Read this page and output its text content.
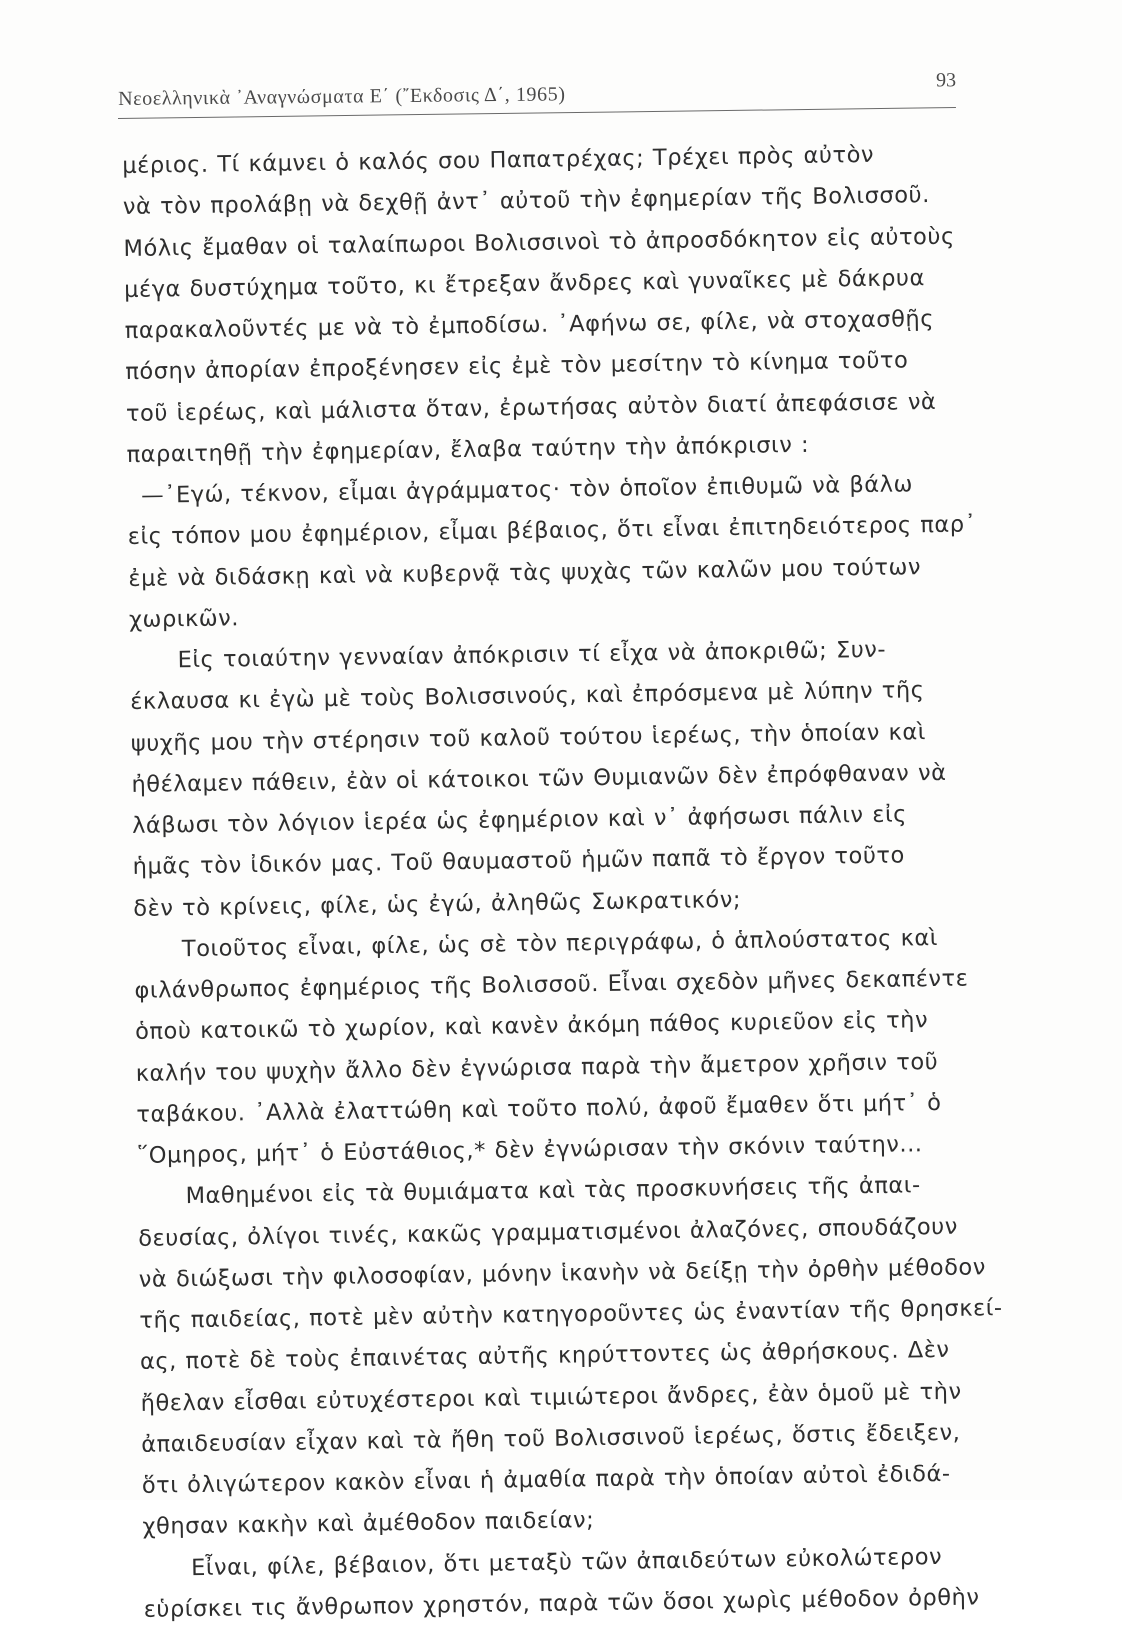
Νεοελληνικὰ ᾿Αναγνώσματα Ε΄ (῎Εκδοσις Δ΄, 1965)
93
μέριος. Τί κάμνει ὁ καλός σου Παπατρέχας; Τρέχει πρὸς αὐτὸν
νὰ τὸν προλάβῃ νὰ δεχθῇ ἀντ᾿ αὐτοῦ τὴν ἐφημερίαν τῆς Βολισσοῦ.
Μόλις ἔμαθαν οἱ ταλαίπωροι Βολισσινοὶ τὸ ἀπροσδόκητον εἰς αὐτοὺς
μέγα δυστύχημα τοῦτο, κι ἔτρεξαν ἄνδρες καὶ γυναῖκες μὲ δάκρυα
παρακαλοῦντές με νὰ τὸ ἐμποδίσω. ᾿Αφήνω σε, φίλε, νὰ στοχασθῇς
πόσην ἀπορίαν ἐπροξένησεν εἰς ἐμὲ τὸν μεσίτην τὸ κίνημα τοῦτο
τοῦ ἱερέως, καὶ μάλιστα ὅταν, ἐρωτήσας αὐτὸν διατί ἀπεφάσισε νὰ
παραιτηθῇ τὴν ἐφημερίαν, ἔλαβα ταύτην τὴν ἀπόκρισιν :
—᾿Εγώ, τέκνον, εἶμαι ἀγράμματος· τὸν ὁποῖον ἐπιθυμῶ νὰ βάλω
εἰς τόπον μου ἐφημέριον, εἶμαι βέβαιος, ὅτι εἶναι ἐπιτηδειότερος παρ᾿
ἐμὲ νὰ διδάσκῃ καὶ νὰ κυβερνᾷ τὰς ψυχὰς τῶν καλῶν μου τούτων
χωρικῶν.
Εἰς τοιαύτην γενναίαν ἀπόκρισιν τί εἶχα νὰ ἀποκριθῶ; Συν-
έκλαυσα κι ἐγὼ μὲ τοὺς Βολισσινούς, καὶ ἐπρόσμενα μὲ λύπην τῆς
ψυχῆς μου τὴν στέρησιν τοῦ καλοῦ τούτου ἱερέως, τὴν ὁποίαν καὶ
ἠθέλαμεν πάθειν, ἐὰν οἱ κάτοικοι τῶν Θυμιανῶν δὲν ἐπρόφθαναν νὰ
λάβωσι τὸν λόγιον ἱερέα ὡς ἐφημέριον καὶ ν᾿ ἀφήσωσι πάλιν εἰς
ἡμᾶς τὸν ἰδικόν μας. Τοῦ θαυμαστοῦ ἡμῶν παπᾶ τὸ ἔργον τοῦτο
δὲν τὸ κρίνεις, φίλε, ὡς ἐγώ, ἀληθῶς Σωκρατικόν;
Τοιοῦτος εἶναι, φίλε, ὡς σὲ τὸν περιγράφω, ὁ ἁπλούστατος καὶ
φιλάνθρωπος ἐφημέριος τῆς Βολισσοῦ. Εἶναι σχεδὸν μῆνες δεκαπέντε
ὁποὺ κατοικῶ τὸ χωρίον, καὶ κανὲν ἀκόμη πάθος κυριεῦον εἰς τὴν
καλήν του ψυχὴν ἄλλο δὲν ἐγνώρισα παρὰ τὴν ἄμετρον χρῆσιν τοῦ
ταβάκου. ᾿Αλλὰ ἐλαττώθη καὶ τοῦτο πολύ, ἀφοῦ ἔμαθεν ὅτι μήτ᾿ ὁ
῞Ομηρος, μήτ᾿ ὁ Εὐστάθιος,* δὲν ἐγνώρισαν τὴν σκόνιν ταύτην...
Μαθημένοι εἰς τὰ θυμιάματα καὶ τὰς προσκυνήσεις τῆς ἀπαι-
δευσίας, ὀλίγοι τινές, κακῶς γραμματισμένοι ἀλαζόνες, σπουδάζουν
νὰ διώξωσι τὴν φιλοσοφίαν, μόνην ἱκανὴν νὰ δείξῃ τὴν ὀρθὴν μέθοδον
τῆς παιδείας, ποτὲ μὲν αὐτὴν κατηγοροῦντες ὡς ἐναντίαν τῆς θρησκεί-
ας, ποτὲ δὲ τοὺς ἐπαινέτας αὐτῆς κηρύττοντες ὡς ἀθρήσκους. Δὲν
ἤθελαν εἶσθαι εὐτυχέστεροι καὶ τιμιώτεροι ἄνδρες, ἐὰν ὁμοῦ μὲ τὴν
ἀπαιδευσίαν εἶχαν καὶ τὰ ἤθη τοῦ Βολισσινοῦ ἱερέως, ὅστις ἔδειξεν,
ὅτι ὀλιγώτερον κακὸν εἶναι ἡ ἀμαθία παρὰ τὴν ὁποίαν αὐτοὶ ἐδιδά-
χθησαν κακὴν καὶ ἀμέθοδον παιδείαν;
Εἶναι, φίλε, βέβαιον, ὅτι μεταξὺ τῶν ἀπαιδεύτων εὐκολώτερον
εὑρίσκει τις ἄνθρωπον χρηστόν, παρὰ τῶν ὅσοι χωρὶς μέθοδον ὀρθὴν
